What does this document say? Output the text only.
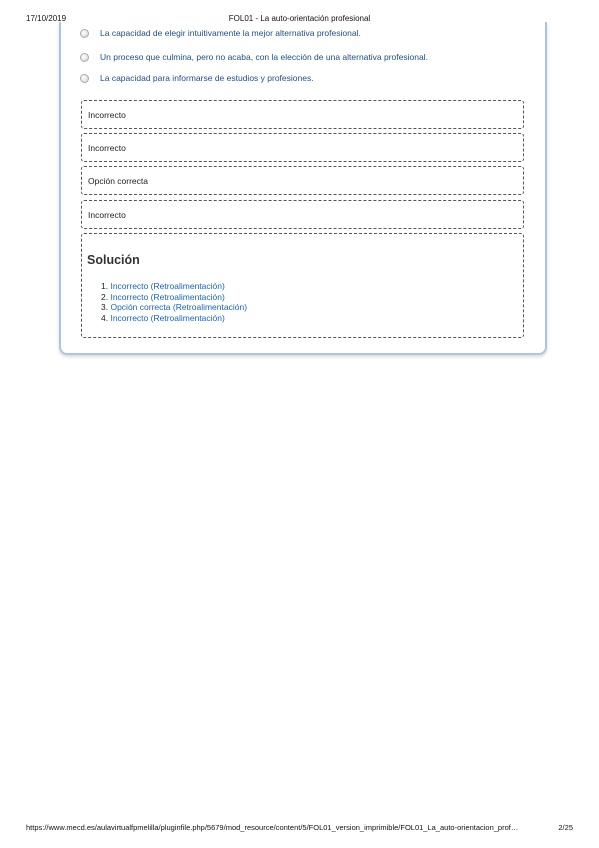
17/10/2019	FOL01 - La auto-orientación profesional
La capacidad de elegir intuitivamente la mejor alternativa profesional.
Un proceso que culmina, pero no acaba, con la elección de una alternativa profesional.
La capacidad para informarse de estudios y profesiones.
Incorrecto
Incorrecto
Opción correcta
Incorrecto
Solución
1. Incorrecto (Retroalimentación)
2. Incorrecto (Retroalimentación)
3. Opción correcta (Retroalimentación)
4. Incorrecto (Retroalimentación)
https://www.mecd.es/aulavirtualfpmelilla/pluginfile.php/5679/mod_resource/content/5/FOL01_version_imprimible/FOL01_La_auto-orientacion_prof…	2/25
